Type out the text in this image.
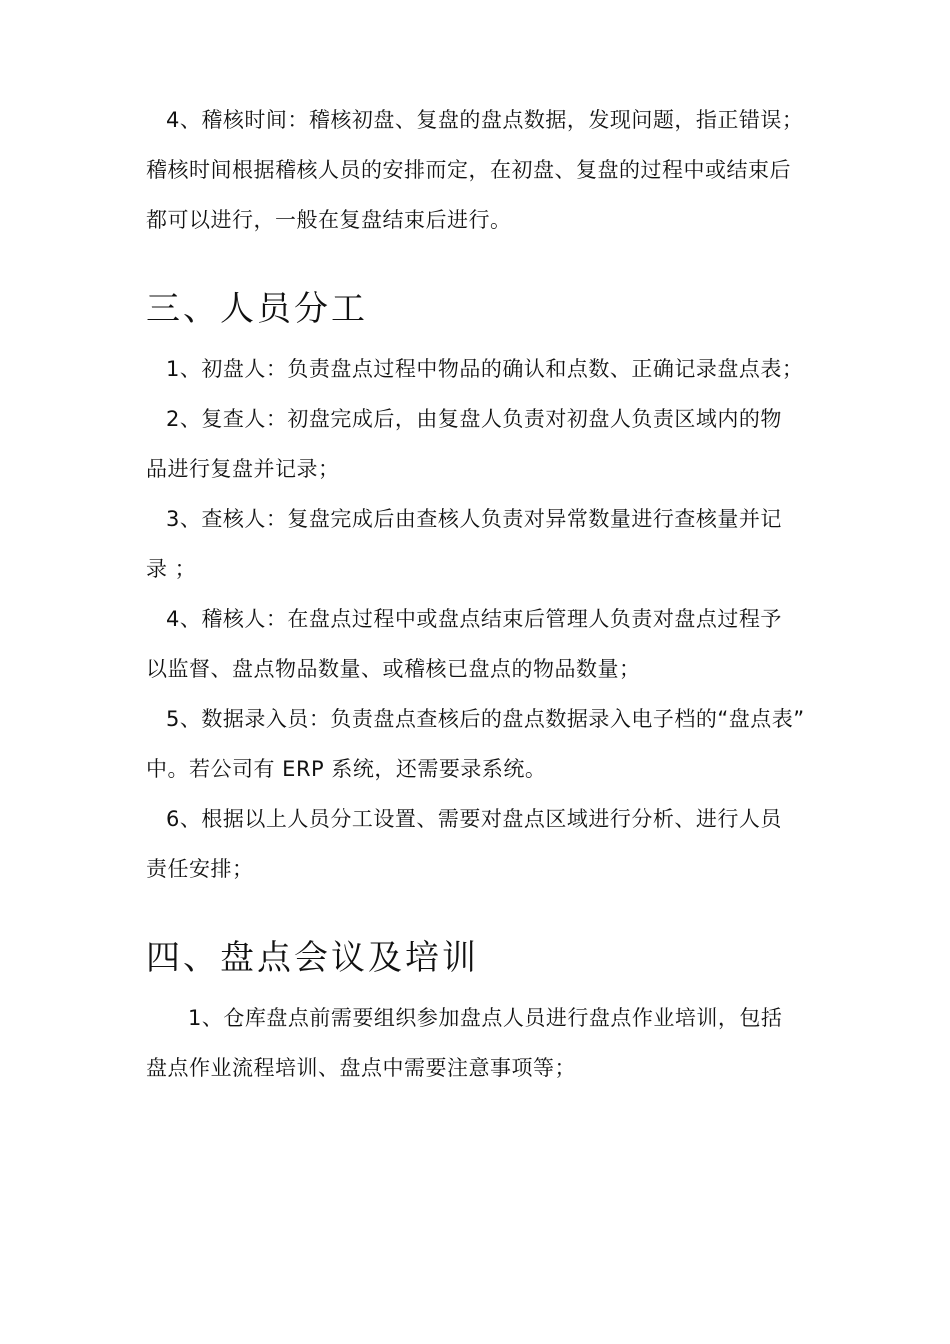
4、稽核时间：稽核初盘、复盘的盘点数据，发现问题，指正错误；
稽核时间根据稽核人员的安排而定，在初盘、复盘的过程中或结束后
都可以进行，一般在复盘结束后进行。
三、人员分工
1、初盘人：负责盘点过程中物品的确认和点数、正确记录盘点表；
2、复查人：初盘完成后，由复盘人负责对初盘人负责区域内的物
品进行复盘并记录；
3、查核人：复盘完成后由查核人负责对异常数量进行查核量并记
录 ；
4、稽核人：在盘点过程中或盘点结束后管理人负责对盘点过程予
以监督、盘点物品数量、或稽核已盘点的物品数量；
5、数据录入员：负责盘点查核后的盘点数据录入电子档的“盘点表”
中。若公司有 ERP 系统，还需要录系统。
6、根据以上人员分工设置、需要对盘点区域进行分析、进行人员
责任安排；
四、盘点会议及培训
1、仓库盘点前需要组织参加盘点人员进行盘点作业培训，包括
盘点作业流程培训、盘点中需要注意事项等；
